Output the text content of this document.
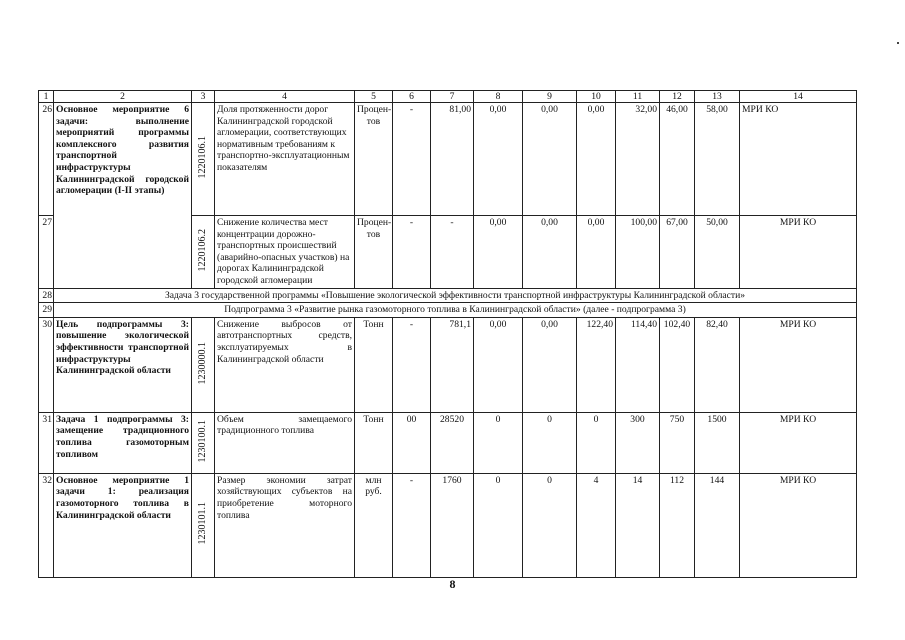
1	2	3	4	5	6	7	8	9	10	11	12	13	14
26	Основное мероприятие 6 задачи: выполнение мероприятий программы комплексного развития транспортной инфраструктуры Калининградской городской агломерации (I-II этапы)	1220106.1	Доля протяженности дорог Калининградской городской агломерации, соответствующих нормативным требованиям к транспортно-эксплуатационным показателям	Процен-тов	-	81,00	0,00	0,00	0,00	32,00	46,00	58,00	МРИ КО
27		1220106.2	Снижение количества мест концентрации дорожно-транспортных происшествий (аварийно-опасных участков) на дорогах Калининградской городской агломерации	Процен-тов	-	-	0,00	0,00	0,00	100,00	67,00	50,00	МРИ КО
28	Задача 3 государственной программы «Повышение экологической эффективности транспортной инфраструктуры Калининградской области»												
29	Подпрограмма 3 «Развитие рынка газомоторного топлива в Калининградской области» (далее - подпрограмма 3)												
30	Цель подпрограммы 3: повышение экологической эффективности транспортной инфраструктуры Калининградской области	1230000.1	Снижение выбросов от автотранспортных средств, эксплуатируемых в Калининградской области	Тонн	-	781,1	0,00	0,00	122,40	114,40	102,40	82,40	МРИ КО
31	Задача 1 подпрограммы 3: замещение традиционного топлива газомоторным топливом	1230100.1	Объем замещаемого традиционного топлива	Тонн	00	28520	0	0	0	300	750	1500	МРИ КО
32	Основное мероприятие 1 задачи 1: реализация газомоторного топлива в Калининградской области	1230101.1	Размер экономии затрат хозяйствующих субъектов на приобретение моторного топлива	млн руб.	-	1760	0	0	4	14	112	144	МРИ КО
8
